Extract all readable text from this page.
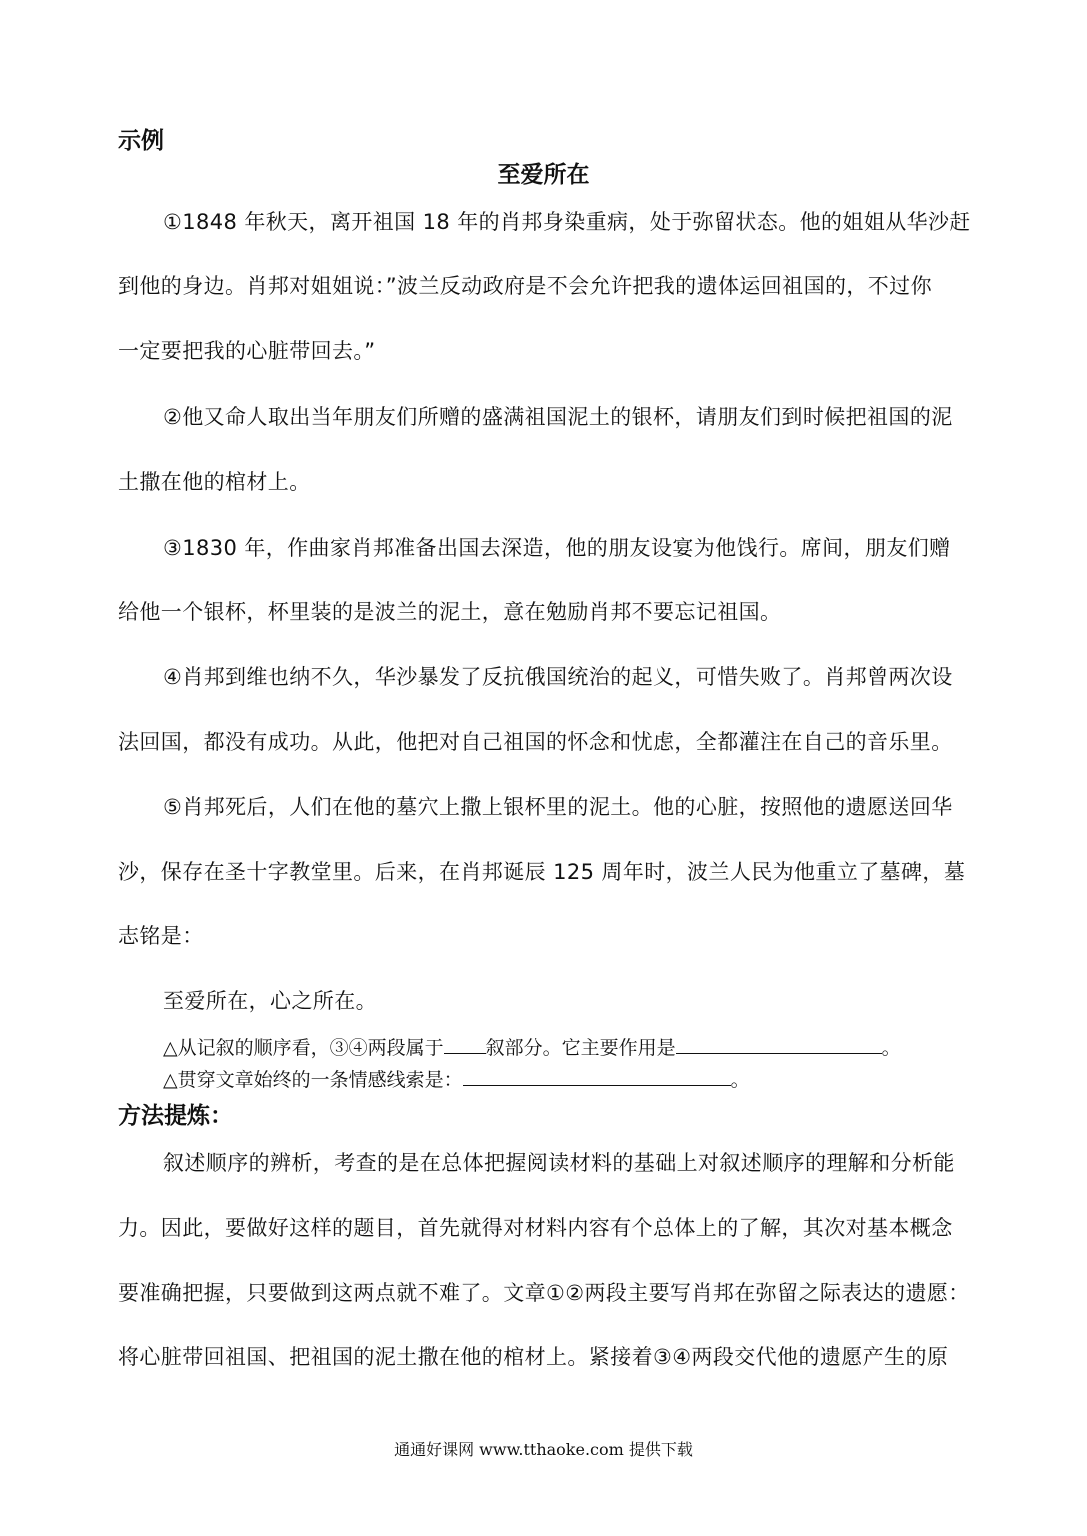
示例
至爱所在
①1848 年秋天，离开祖国 18 年的肖邦身染重病，处于弥留状态。他的姐姐从华沙赶
到他的身边。肖邦对姐姐说：”波兰反动政府是不会允许把我的遗体运回祖国的，不过你
一定要把我的心脏带回去。”
②他又命人取出当年朋友们所赠的盛满祖国泥土的银杯，请朋友们到时候把祖国的泥
土撒在他的棺材上。
③1830 年，作曲家肖邦准备出国去深造，他的朋友设宴为他饯行。席间，朋友们赠
给他一个银杯，杯里装的是波兰的泥土，意在勉励肖邦不要忘记祖国。
④肖邦到维也纳不久，华沙暴发了反抗俄国统治的起义，可惜失败了。肖邦曾两次设
法回国，都没有成功。从此，他把对自己祖国的怀念和忧虑，全都灌注在自己的音乐里。
⑤肖邦死后，人们在他的墓穴上撒上银杯里的泥土。他的心脏，按照他的遗愿送回华
沙，保存在圣十字教堂里。后来，在肖邦诞辰 125 周年时，波兰人民为他重立了墓碑，墓
志铭是：
至爱所在，心之所在。
△从记叙的顺序看，③④两段属于 叙部分。它主要作用是	。
△贯穿文章始终的一条情感线索是：	。
方法提炼：
叙述顺序的辨析，考查的是在总体把握阅读材料的基础上对叙述顺序的理解和分析能
力。因此，要做好这样的题目，首先就得对材料内容有个总体上的了解，其次对基本概念
要准确把握，只要做到这两点就不难了。文章①②两段主要写肖邦在弥留之际表达的遗愿：
将心脏带回祖国、把祖国的泥土撒在他的棺材上。紧接着③④两段交代他的遗愿产生的原
通通好课网 www.tthaoke.com 提供下载
